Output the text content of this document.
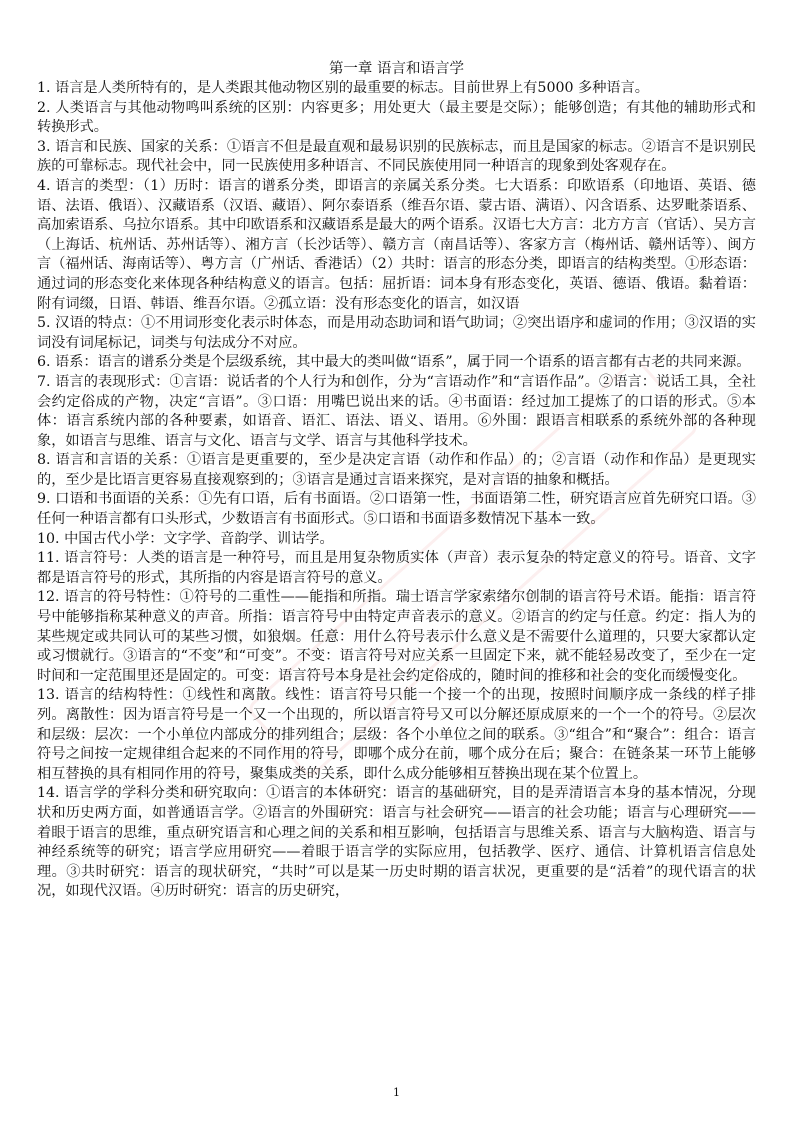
第一章 语言和语言学

1. 语言是人类所特有的，是人类跟其他动物区别的最重要的标志。目前世界上有5000 多种语言。

2. 人类语言与其他动物鸣叫系统的区别：内容更多；用处更大（最主要是交际）；能够创造；有其他的辅助形式和转换形式。

3. 语言和民族、国家的关系：①语言不但是最直观和最易识别的民族标志，而且是国家的标志。②语言不是识别民族的可靠标志。现代社会中，同一民族使用多种语言、不同民族使用同一种语言的现象到处客观存在。

4. 语言的类型：（1）历时：语言的谱系分类，即语言的亲属关系分类。七大语系：印欧语系（印地语、英语、德语、法语、俄语）、汉藏语系（汉语、藏语）、阿尔泰语系（维吾尔语、蒙古语、满语）、闪含语系、达罗毗荼语系、高加索语系、乌拉尔语系。其中印欧语系和汉藏语系是最大的两个语系。汉语七大方言：北方方言（官话）、吴方言（上海话、杭州话、苏州话等）、湘方言（长沙话等）、赣方言（南昌话等）、客家方言（梅州话、赣州话等）、闽方言（福州话、海南话等）、粤方言（广州话、香港话）（2）共时：语言的形态分类，即语言的结构类型。①形态语：通过词的形态变化来体现各种结构意义的语言。包括：屈折语：词本身有形态变化，英语、德语、俄语。黏着语：附有词缀，日语、韩语、维吾尔语。②孤立语：没有形态变化的语言，如汉语

5. 汉语的特点：①不用词形变化表示时体态，而是用动态助词和语气助词；②突出语序和虚词的作用；③汉语的实词没有词尾标记，词类与句法成分不对应。

6. 语系：语言的谱系分类是个层级系统，其中最大的类叫做“语系”，属于同一个语系的语言都有古老的共同来源。

7. 语言的表现形式：①言语：说话者的个人行为和创作，分为“言语动作”和“言语作品”。②语言：说话工具，全社会约定俗成的产物，决定“言语”。③口语：用嘴巴说出来的话。④书面语：经过加工提炼了的口语的形式。⑤本体：语言系统内部的各种要素，如语音、语汇、语法、语义、语用。⑥外围：跟语言相联系的系统外部的各种现象，如语言与思维、语言与文化、语言与文学、语言与其他科学技术。

8. 语言和言语的关系：①语言是更重要的，至少是决定言语（动作和作品）的；②言语（动作和作品）是更现实的，至少是比语言更容易直接观察到的；③语言是通过言语来探究，是对言语的抽象和概括。

9. 口语和书面语的关系：①先有口语，后有书面语。②口语第一性，书面语第二性，研究语言应首先研究口语。③任何一种语言都有口头形式，少数语言有书面形式。⑤口语和书面语多数情况下基本一致。

10. 中国古代小学：文字学、音韵学、训诂学。

11. 语言符号：人类的语言是一种符号，而且是用复杂物质实体（声音）表示复杂的特定意义的符号。语音、文字都是语言符号的形式，其所指的内容是语言符号的意义。

12. 语言的符号特性：①符号的二重性——能指和所指。瑞士语言学家索绪尔创制的语言符号术语。能指：语言符号中能够指称某种意义的声音。所指：语言符号中由特定声音表示的意义。②语言的约定与任意。约定：指人为的某些规定或共同认可的某些习惯，如狼烟。任意：用什么符号表示什么意义是不需要什么道理的，只要大家都认定或习惯就行。③语言的“不变”和“可变”。不变：语言符号对应关系一旦固定下来，就不能轻易改变了，至少在一定时间和一定范围里还是固定的。可变：语言符号本身是社会约定俗成的，随时间的推移和社会的变化而缓慢变化。

13. 语言的结构特性：①线性和离散。线性：语言符号只能一个接一个的出现，按照时间顺序成一条线的样子排列。离散性：因为语言符号是一个又一个出现的，所以语言符号又可以分解还原成原来的一个一个的符号。②层次和层级：层次：一个小单位内部成分的排列组合；层级：各个小单位之间的联系。③“组合”和“聚合”：组合：语言符号之间按一定规律组合起来的不同作用的符号，即哪个成分在前，哪个成分在后；聚合：在链条某一环节上能够相互替换的具有相同作用的符号，聚集成类的关系，即什么成分能够相互替换出现在某个位置上。

14. 语言学的学科分类和研究取向：①语言的本体研究：语言的基础研究，目的是弄清语言本身的基本情况，分现状和历史两方面，如普通语言学。②语言的外围研究：语言与社会研究——语言的社会功能；语言与心理研究——着眼于语言的思维，重点研究语言和心理之间的关系和相互影响，包括语言与思维关系、语言与大脑构造、语言与神经系统等的研究；语言学应用研究——着眼于语言学的实际应用，包括教学、医疗、通信、计算机语言信息处理。③共时研究：语言的现状研究，“共时”可以是某一历史时期的语言状况，更重要的是“活着”的现代语言的状况，如现代汉语。④历时研究：语言的历史研究，

1
